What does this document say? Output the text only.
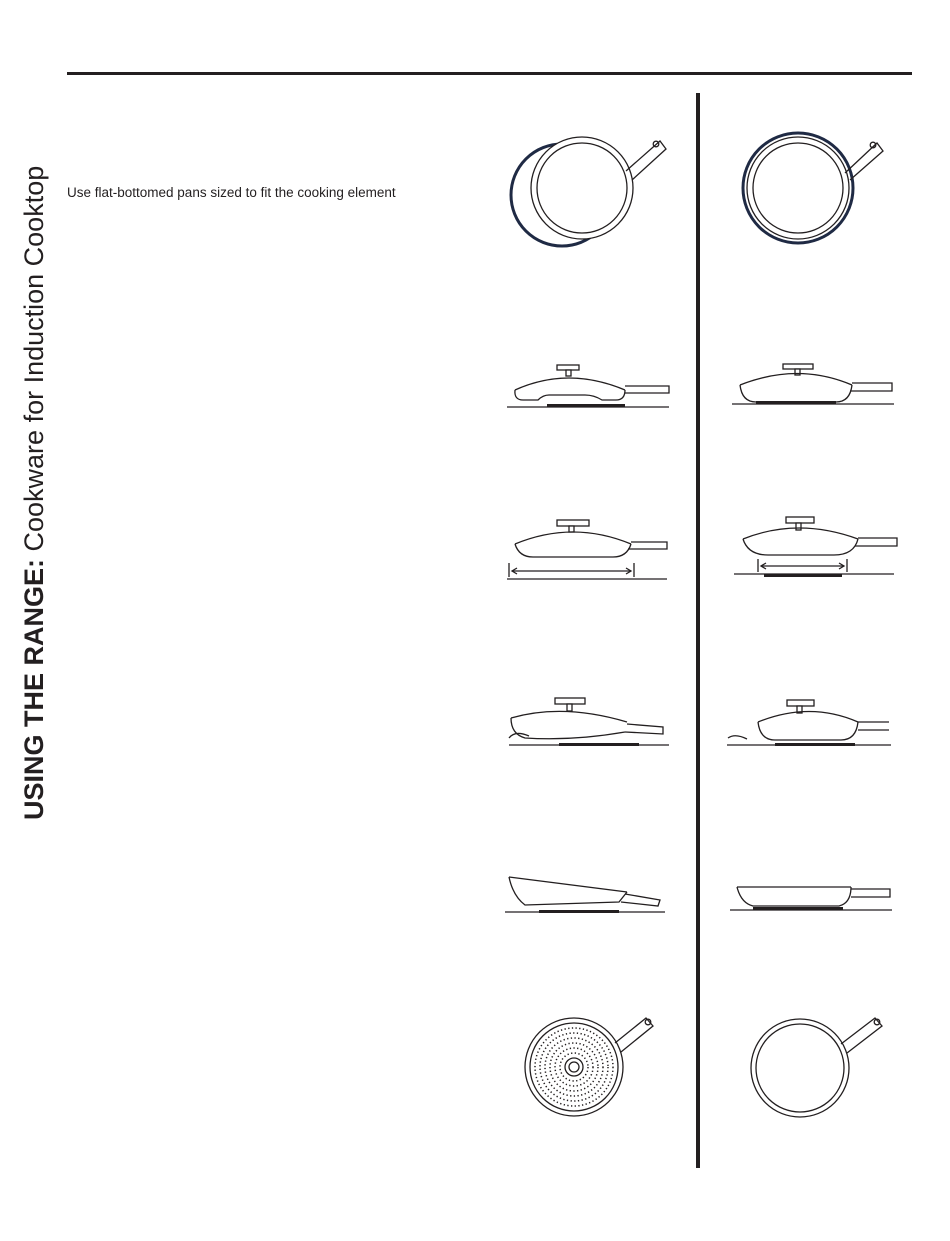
USING THE RANGE: Cookware for Induction Cooktop	Use flat-bottomed pans sized to fit the cooking element
